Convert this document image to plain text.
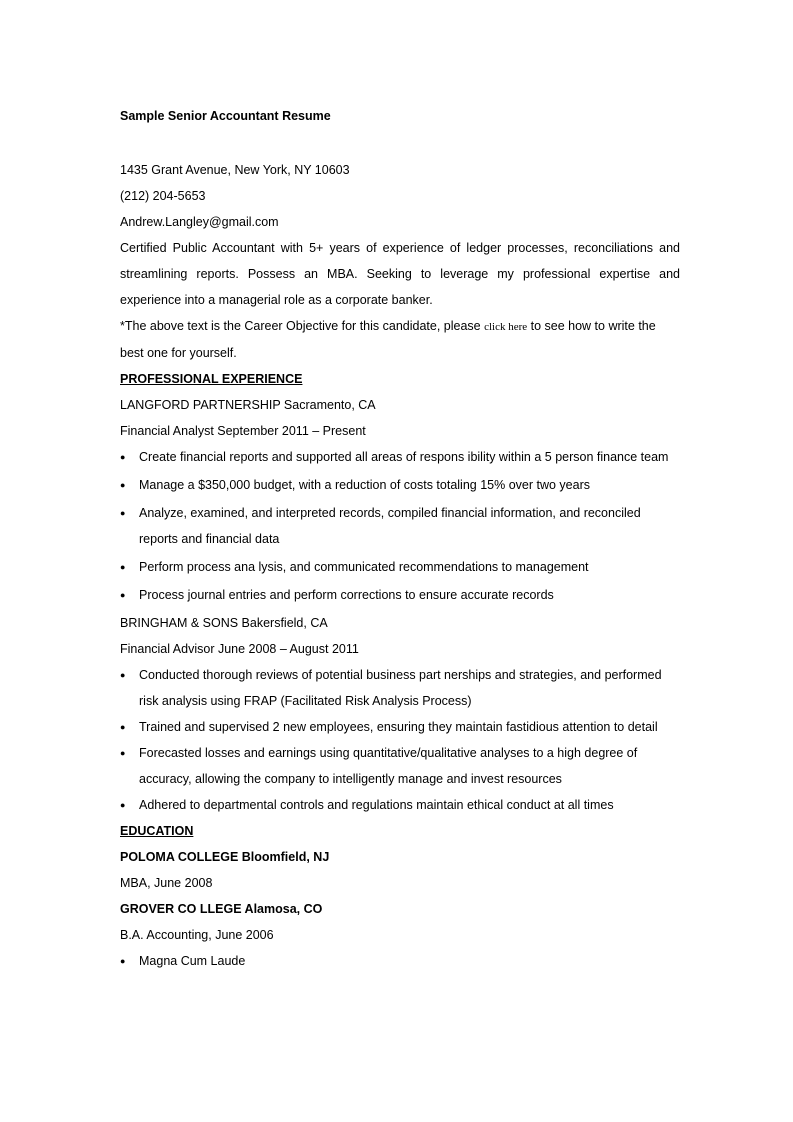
Sample Senior Accountant Resume
1435 Grant Avenue, New York, NY 10603
(212) 204-5653
Andrew.Langley@gmail.com
Certified Public Accountant with 5+ years of experience of ledger processes, reconciliations and streamlining reports. Possess an MBA. Seeking to leverage my professional expertise and experience into a managerial role as a corporate banker.
*The above text is the Career Objective for this candidate, please click here to see how to write the best one for yourself.
PROFESSIONAL EXPERIENCE
LANGFORD PARTNERSHIP Sacramento, CA
Financial Analyst September 2011 – Present
●	Create financial reports and supported all areas of respons ibility within a 5 person finance team
●	Manage a $350,000 budget, with a reduction of costs totaling 15% over two years
●	Analyze, examined, and interpreted records, compiled financial information, and reconciled reports and financial data
●	Perform process ana lysis, and communicated recommendations to management
●	Process journal entries and perform corrections to ensure accurate records
BRINGHAM & SONS Bakersfield, CA
Financial Advisor June 2008 – August 2011
●	Conducted thorough reviews of potential business part nerships and strategies, and performed risk analysis using FRAP (Facilitated Risk Analysis Process)
●	Trained and supervised 2 new employees, ensuring they maintain fastidious attention to detail
●	Forecasted losses and earnings using quantitative/qualitative analyses to a high degree of accuracy, allowing the company to intelligently manage and invest resources
●	Adhered to departmental controls and regulations maintain ethical conduct at all times
EDUCATION
POLOMA COLLEGE Bloomfield, NJ
MBA, June 2008
GROVER CO LLEGE Alamosa, CO
B.A. Accounting, June 2006
●	Magna Cum Laude
